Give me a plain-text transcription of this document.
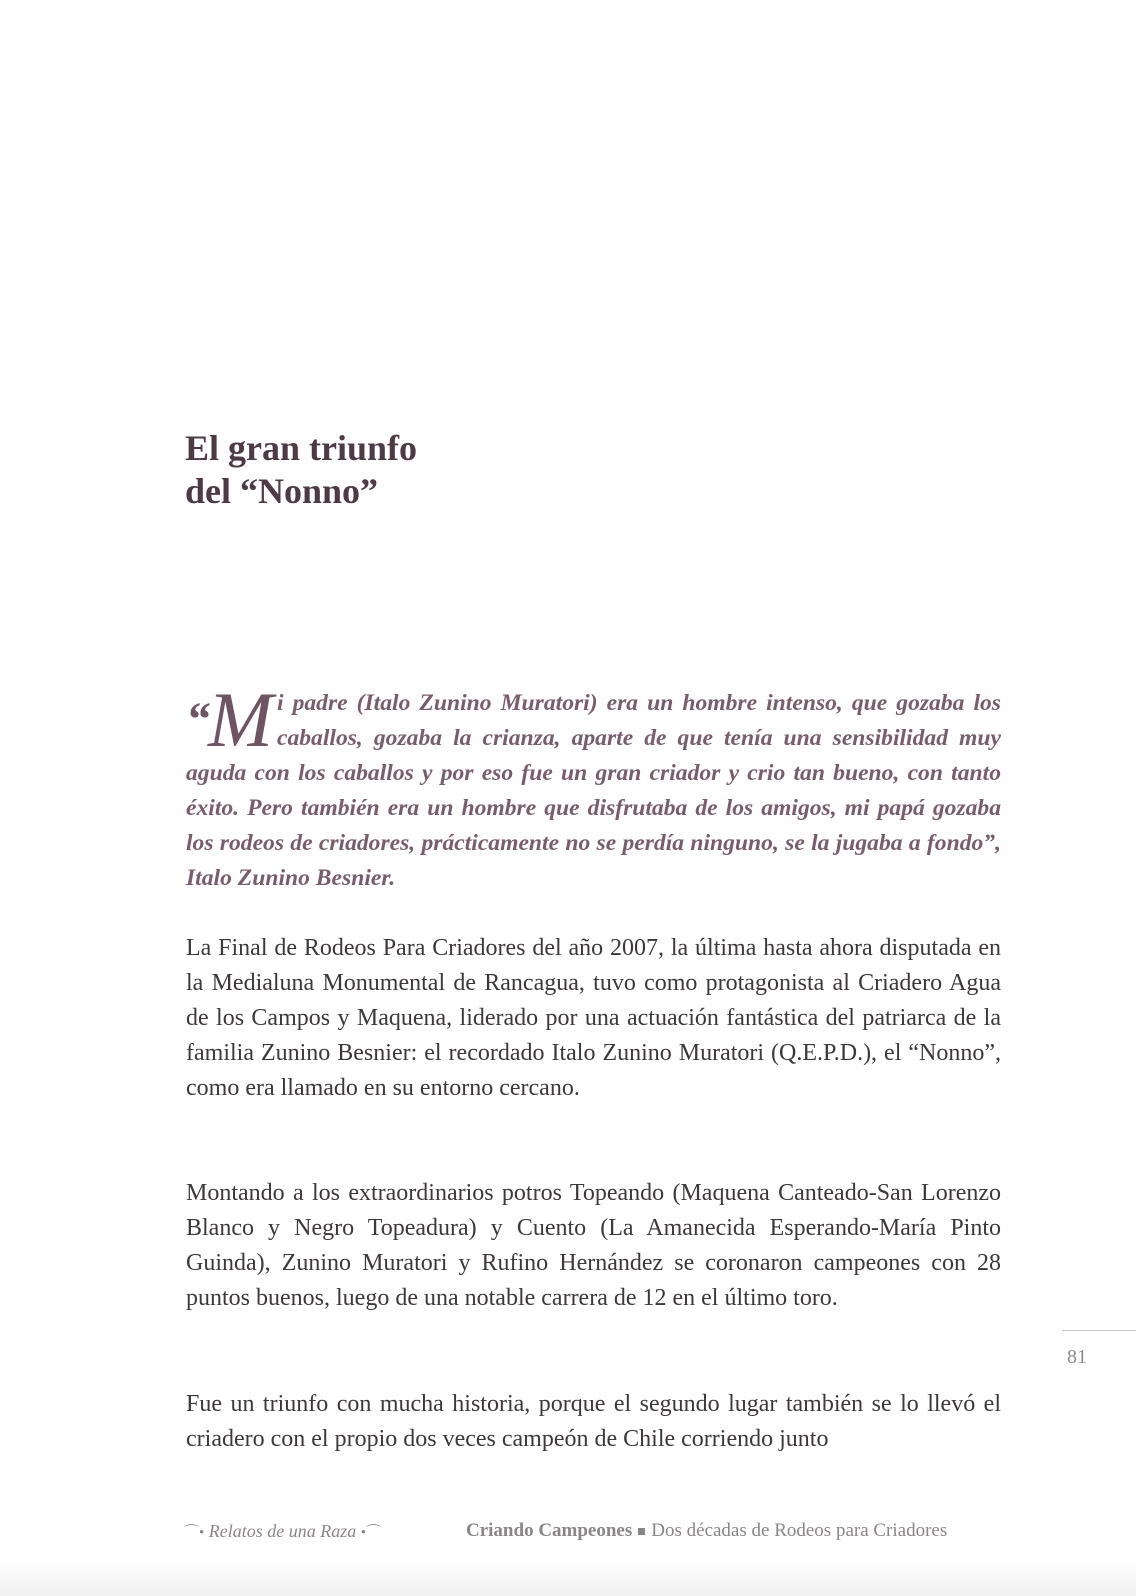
El gran triunfo
del “Nonno”

“M i padre (Italo Zunino Muratori) era un hombre intenso, que gozaba los caballos, gozaba la crianza, aparte de que tenía una sensibilidad muy aguda con los caballos y por eso fue un gran criador y crio tan bueno, con tanto éxito. Pero también era un hombre que disfrutaba de los amigos, mi papá gozaba los rodeos de criadores, prácticamente no se perdía ninguno, se la jugaba a fondo”, Italo Zunino Besnier.

La Final de Rodeos Para Criadores del año 2007, la última hasta ahora disputada en la Medialuna Monumental de Rancagua, tuvo como protagonista al Criadero Agua de los Campos y Maquena, liderado por una actuación fantástica del patriarca de la familia Zunino Besnier: el recordado Italo Zunino Muratori (Q.E.P.D.), el “Nonno”, como era llamado en su entorno cercano.

Montando a los extraordinarios potros Topeando (Maquena Canteado-San Lorenzo Blanco y Negro Topeadura) y Cuento (La Amanecida Esperando-María Pinto Guinda), Zunino Muratori y Rufino Hernández se coronaron campeones con 28 puntos buenos, luego de una notable carrera de 12 en el último toro.

Fue un triunfo con mucha historia, porque el segundo lugar también se lo llevó el criadero con el propio dos veces campeón de Chile corriendo junto

81
⌒• Relatos de una Raza •⌒	Criando Campeones Dos décadas de Rodeos para Criadores
